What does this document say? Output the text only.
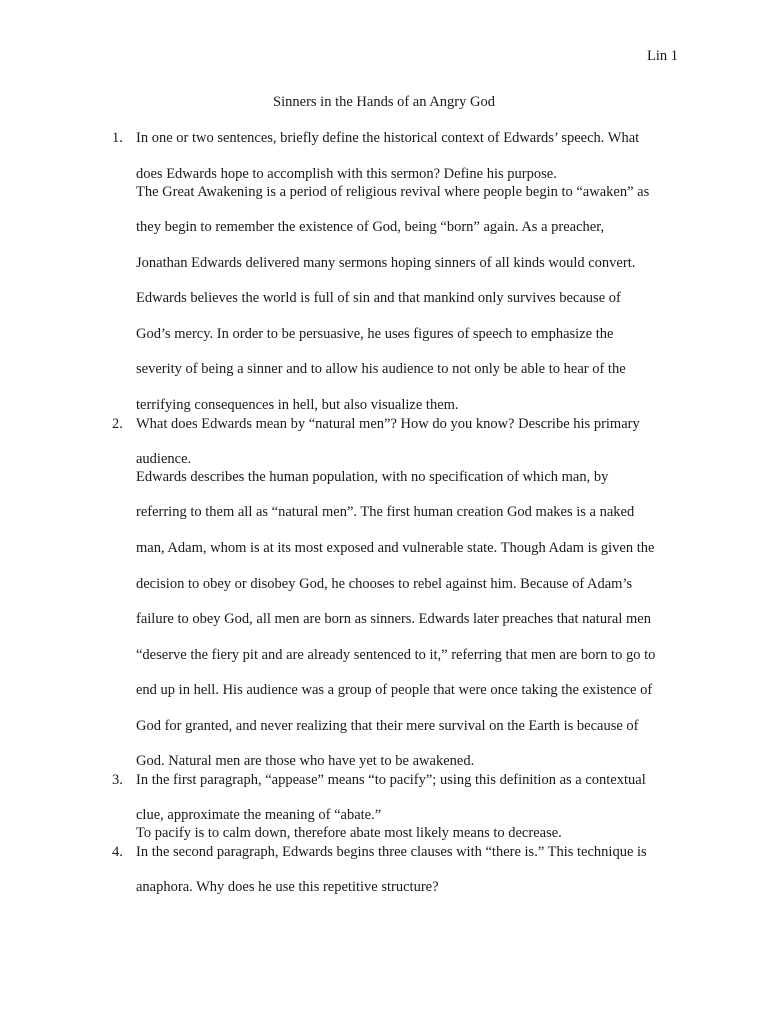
Lin 1
Sinners in the Hands of an Angry God
1. In one or two sentences, briefly define the historical context of Edwards’ speech. What
does Edwards hope to accomplish with this sermon? Define his purpose.
The Great Awakening is a period of religious revival where people begin to “awaken” as
they begin to remember the existence of God, being “born” again. As a preacher,
Jonathan Edwards delivered many sermons hoping sinners of all kinds would convert.
Edwards believes the world is full of sin and that mankind only survives because of
God’s mercy. In order to be persuasive, he uses figures of speech to emphasize the
severity of being a sinner and to allow his audience to not only be able to hear of the
terrifying consequences in hell, but also visualize them.
2. What does Edwards mean by “natural men”? How do you know? Describe his primary
audience.
Edwards describes the human population, with no specification of which man, by
referring to them all as “natural men”. The first human creation God makes is a naked
man, Adam, whom is at its most exposed and vulnerable state. Though Adam is given the
decision to obey or disobey God, he chooses to rebel against him. Because of Adam’s
failure to obey God, all men are born as sinners. Edwards later preaches that natural men
“deserve the fiery pit and are already sentenced to it,” referring that men are born to go to
end up in hell. His audience was a group of people that were once taking the existence of
God for granted, and never realizing that their mere survival on the Earth is because of
God. Natural men are those who have yet to be awakened.
3. In the first paragraph, “appease” means “to pacify”; using this definition as a contextual
clue, approximate the meaning of “abate.”
To pacify is to calm down, therefore abate most likely means to decrease.
4. In the second paragraph, Edwards begins three clauses with “there is.” This technique is
anaphora. Why does he use this repetitive structure?
